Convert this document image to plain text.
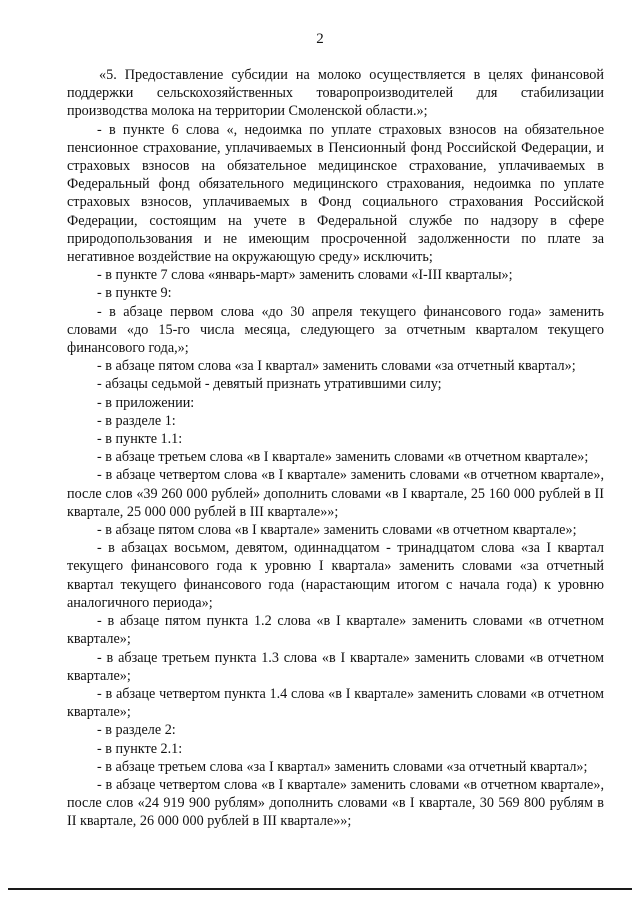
2

«5. Предоставление субсидии на молоко осуществляется в целях финансовой поддержки сельскохозяйственных товаропроизводителей для стабилизации производства молока на территории Смоленской области.»;

- в пункте 6 слова «, недоимка по уплате страховых взносов на обязательное пенсионное страхование, уплачиваемых в Пенсионный фонд Российской Федерации, и страховых взносов на обязательное медицинское страхование, уплачиваемых в Федеральный фонд обязательного медицинского страхования, недоимка по уплате страховых взносов, уплачиваемых в Фонд социального страхования Российской Федерации, состоящим на учете в Федеральной службе по надзору в сфере природопользования и не имеющим просроченной задолженности по плате за негативное воздействие на окружающую среду» исключить;

- в пункте 7 слова «январь-март» заменить словами «I-III кварталы»;

- в пункте 9:

- в абзаце первом слова «до 30 апреля текущего финансового года» заменить словами «до 15-го числа месяца, следующего за отчетным кварталом текущего финансового года,»;

- в абзаце пятом слова «за I квартал» заменить словами «за отчетный квартал»;

- абзацы седьмой - девятый признать утратившими силу;

- в приложении:

- в разделе 1:

- в пункте 1.1:

- в абзаце третьем слова «в I квартале» заменить словами «в отчетном квартале»;

- в абзаце четвертом слова «в I квартале» заменить словами «в отчетном квартале», после слов «39 260 000 рублей» дополнить словами «в I квартале, 25 160 000 рублей в II квартале, 25 000 000 рублей в III квартале»»;

- в абзаце пятом слова «в I квартале» заменить словами «в отчетном квартале»;

- в абзацах восьмом, девятом, одиннадцатом - тринадцатом слова «за I квартал текущего финансового года к уровню I квартала» заменить словами «за отчетный квартал текущего финансового года (нарастающим итогом с начала года) к уровню аналогичного периода»;

- в абзаце пятом пункта 1.2 слова «в I квартале» заменить словами «в отчетном квартале»;

- в абзаце третьем пункта 1.3 слова «в I квартале» заменить словами «в отчетном квартале»;

- в абзаце четвертом пункта 1.4 слова «в I квартале» заменить словами «в отчетном квартале»;

- в разделе 2:

- в пункте 2.1:

- в абзаце третьем слова «за I квартал» заменить словами «за отчетный квартал»;

- в абзаце четвертом слова «в I квартале» заменить словами «в отчетном квартале», после слов «24 919 900 рублям» дополнить словами «в I квартале, 30 569 800 рублям в II квартале, 26 000 000 рублей в III квартале»»;
